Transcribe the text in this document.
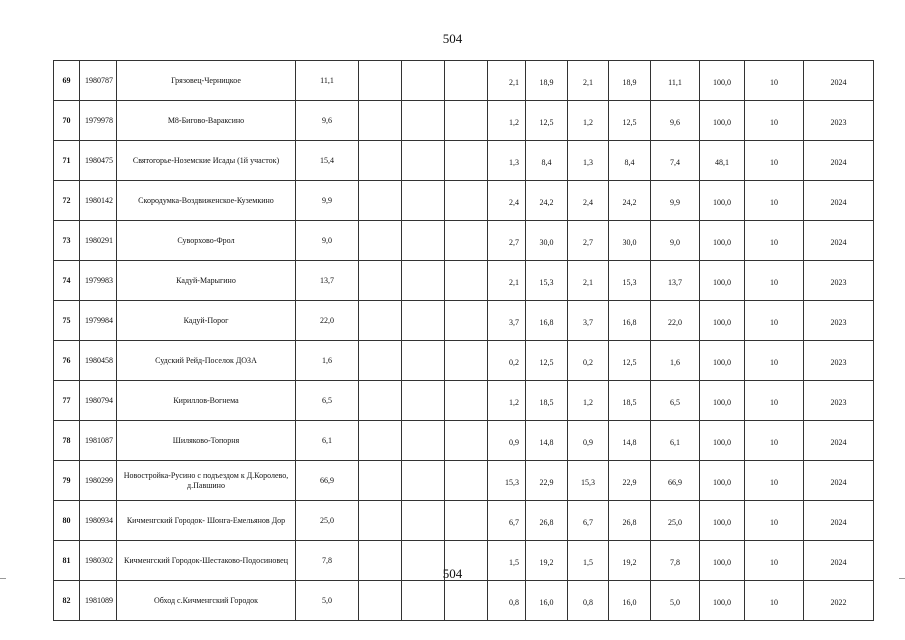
504
69	1980787	Грязовец-Черницкое	11,1				2,1	18,9	2,1	18,9	11,1	100,0	10	2024
70	1979978	М8-Бигово-Вараксино	9,6				1,2	12,5	1,2	12,5	9,6	100,0	10	2023
71	1980475	Святогорье-Ноземские Исады (1й участок)	15,4				1,3	8,4	1,3	8,4	7,4	48,1	10	2024
72	1980142	Скородумка-Воздвиженское-Куземкино	9,9				2,4	24,2	2,4	24,2	9,9	100,0	10	2024
73	1980291	Суворхово-Фрол	9,0				2,7	30,0	2,7	30,0	9,0	100,0	10	2024
74	1979983	Кадуй-Марыгино	13,7				2,1	15,3	2,1	15,3	13,7	100,0	10	2023
75	1979984	Кадуй-Порог	22,0				3,7	16,8	3,7	16,8	22,0	100,0	10	2023
76	1980458	Судский Рейд-Поселок ДОЗА	1,6				0,2	12,5	0,2	12,5	1,6	100,0	10	2023
77	1980794	Кириллов-Вогнема	6,5				1,2	18,5	1,2	18,5	6,5	100,0	10	2023
78	1981087	Шиляково-Топорня	6,1				0,9	14,8	0,9	14,8	6,1	100,0	10	2024
79	1980299	Новостройка-Русино с подъездом к Д.Королево, д.Павшино	66,9				15,3	22,9	15,3	22,9	66,9	100,0	10	2024
80	1980934	Кичменгский Городок- Шонга-Емельянов Дор	25,0				6,7	26,8	6,7	26,8	25,0	100,0	10	2024
81	1980302	Кичменгский Городок-Шестаково-Подосиновец	7,8				1,5	19,2	1,5	19,2	7,8	100,0	10	2024
82	1981089	Обход с.Кичменгский Городок	5,0				0,8	16,0	0,8	16,0	5,0	100,0	10	2022
504
